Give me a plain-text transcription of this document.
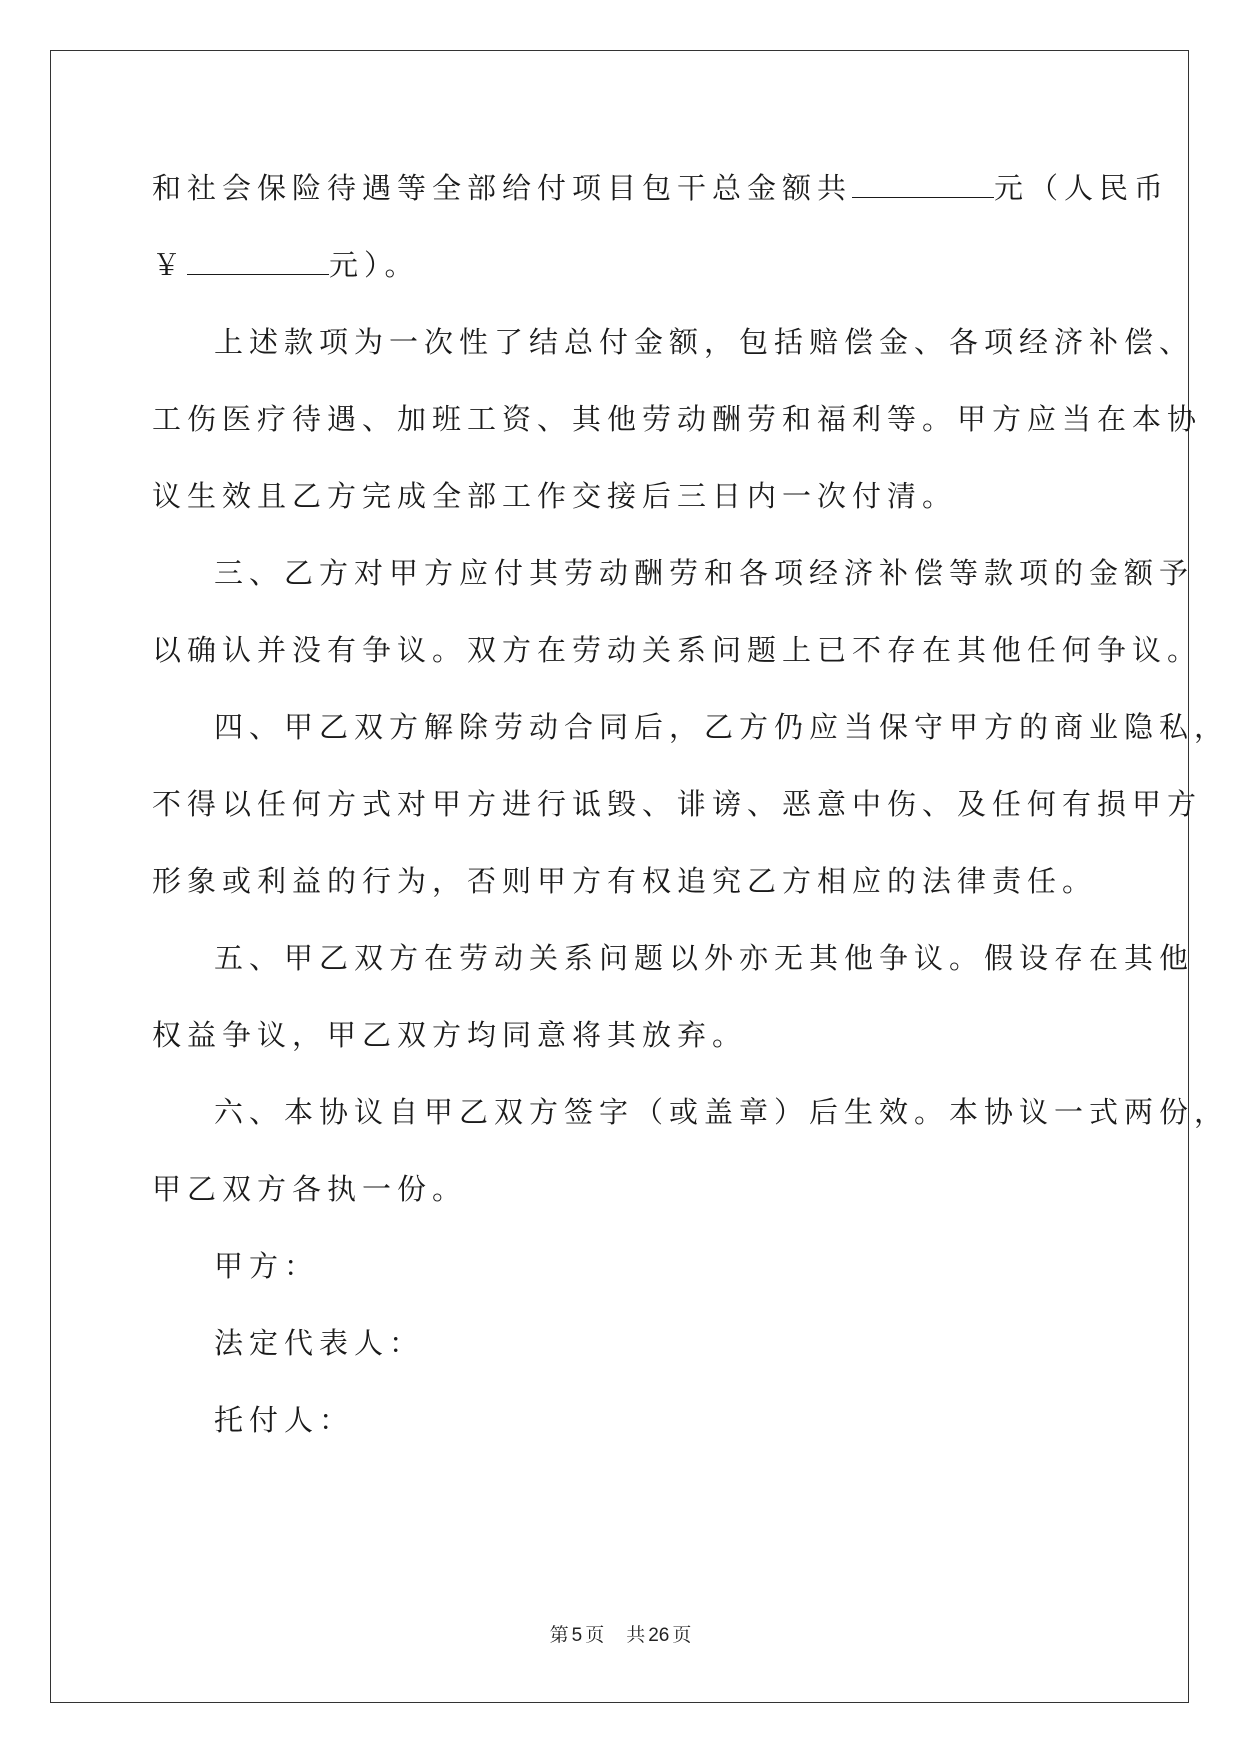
和社会保险待遇等全部给付项目包干总金额共	元（人民币
￥	元）。
上述款项为一次性了结总付金额，包括赔偿金、各项经济补偿、
工伤医疗待遇、加班工资、其他劳动酬劳和福利等。甲方应当在本协
议生效且乙方完成全部工作交接后三日内一次付清。
三、乙方对甲方应付其劳动酬劳和各项经济补偿等款项的金额予
以确认并没有争议。双方在劳动关系问题上已不存在其他任何争议。
四、甲乙双方解除劳动合同后，乙方仍应当保守甲方的商业隐私，
不得以任何方式对甲方进行诋毁、诽谤、恶意中伤、及任何有损甲方
形象或利益的行为，否则甲方有权追究乙方相应的法律责任。
五、甲乙双方在劳动关系问题以外亦无其他争议。假设存在其他
权益争议，甲乙双方均同意将其放弃。
六、本协议自甲乙双方签字（或盖章）后生效。本协议一式两份，
甲乙双方各执一份。
甲方：
法定代表人：
托付人：
第 5 页 共 26 页
